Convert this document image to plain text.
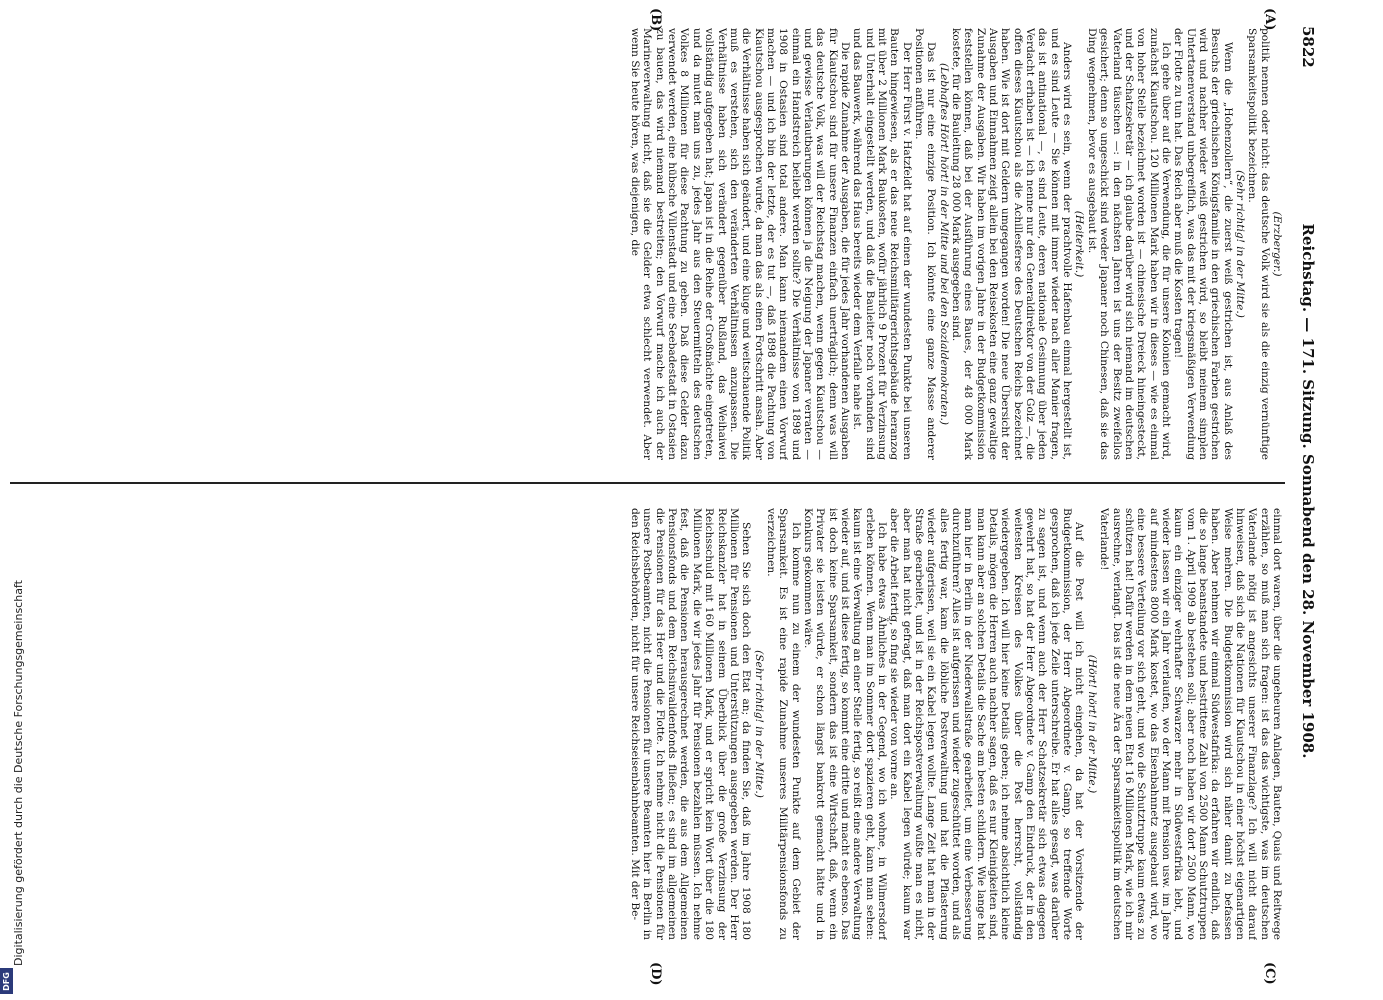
Digitalisierung gefördert durch die Deutsche Forschungsgemeinschaft
DFG
5822
Reichstag. — 171. Sitzung. Sonnabend den 28. November 1908.
(A)
(B)
(C)
(D)

(Erzberger.)

politik nennen oder nicht: das deutsche Volk wird sie als die einzig vernünftige Sparsamkeitspolitik bezeichnen.

(Sehr richtig! in der Mitte.)

Wenn die „Hohenzollern“, die zuerst weiß gestrichen ist, aus Anlaß des Besuchs der griechischen Königsfamilie in den griechischen Farben gestrichen wird und nachher wieder weiß gestrichen wird, so bleibt meinem simplen Untertanenverstand unbegreiflich, was das mit der kriegsmäßigen Verwendung der Flotte zu tun hat. Das Reich aber muß die Kosten tragen!

Ich gehe über auf die Verwendung, die für unsere Kolonien gemacht wird, zunächst Kiautschou. 120 Millionen Mark haben wir in dieses — wie es einmal von hoher Stelle bezeichnet worden ist — chinesische Dreieck hineingesteckt, und der Schatzsekretär — ich glaube darüber wird sich niemand im deutschen Vaterland täuschen —: in den nächsten Jahren ist uns der Besitz zweifellos gesichert; denn so ungeschickt sind weder Japaner noch Chinesen, daß sie das Ding wegnehmen, bevor es ausgebaut ist.

(Heiterkeit.)

Anders wird es sein, wenn der prachtvolle Hafenbau einmal hergestellt ist, und es sind Leute — Sie können mit immer wieder nach aller Manier fragen, das ist antinational —, es sind Leute, deren nationale Gesinnung über jeden Verdacht erhaben ist — ich nenne nur den Generaldirektor von der Golz —, die offen dieses Kiautschou als die Achillesferse des Deutschen Reichs bezeichnet haben. Wie ist dort mit Geldern umgegangen worden! Die neue Übersicht der Ausgaben und Einnahmen zeigt allein bei den Reisekosten eine ganz gewaltige Zunahme der Ausgaben. Wir haben im vorigen Jahre in der Budgetkommission feststellen können, daß bei der Ausführung eines Baues, der 48 000 Mark kostete, für die Bauleitung 28 000 Mark ausgegeben sind.

(Lebhaftes Hört! hört! in der Mitte und bei den Sozialdemokraten.)

Das ist nur eine einzige Position. Ich könnte eine ganze Masse anderer Positionen anführen.

Der Herr Fürst v. Hatzfeldt hat auf einen der wundesten Punkte bei unseren Bauten hingewiesen, als er das neue Reichsmilitärgerichtsgebäude heranzog mit über 2 Millionen Mark Baukosten, wofür jährlich 9 Prozent für Verzinsung und Unterhalt eingestellt werden, und daß die Bauleiter noch vorhanden sind und das Bauwerk, während das Haus bereits wieder dem Verfalle nahe ist.

Die rapide Zunahme der Ausgaben, die für jedes Jahr vorhandenen Ausgaben für Kiautschou sind für unsere Finanzen einfach unerträglich; denn was will das deutsche Volk, was will der Reichstag machen, wenn gegen Kiautschou — und gewisse Verlautbarungen können ja die Neigung der Japaner verraten — einmal ein Handstreich beliebt werden sollte? Die Verhältnisse von 1898 und 1908 in Ostasien sind total andere. Man kann niemandem einen Vorwurf machen — und ich bin der letzte, der es tut —, daß 1898 die Pachtung von Kiautschou ausgesprochen wurde, da man das als einen Fortschritt ansah. Aber die Verhältnisse haben sich geändert, und eine kluge und weitschauende Politik muß es verstehen, sich den veränderten Verhältnissen anzupassen. Die Verhältnisse haben sich verändert gegenüber Rußland, das Weihaiwei vollständig aufgegeben hat; Japan ist in die Reihe der Großmächte eingetreten, und da mutet man uns zu, jedes Jahr aus den Steuermitteln des deutschen Volkes 8 Millionen für diese Pachtung zu geben. Daß diese Gelder dazu verwendet werden, eine hübsche Villenstadt und eine Seebadestadt in Ostasien zu bauen, das wird niemand bestreiten; den Vorwurf mache ich auch der Marineverwaltung nicht, daß sie die Gelder etwa schlecht verwendet. Aber wenn Sie heute hören, was diejenigen, die

einmal dort waren, über die ungeheuren Anlagen, Bauten, Quais und Reitwege erzählen, so muß man sich fragen: ist das das wichtigste, was im deutschen Vaterlande nötig ist angesichts unserer Finanzlage? Ich will nicht darauf hinweisen, daß sich die Nationen für Kiautschou in einer höchst eigenartigen Weise mehren. Die Budgetkommission wird sich näher damit zu befassen haben. Aber nehmen wir einmal Südwestafrika: da erfahren wir endlich, daß die so lange beanstandete und bestrittene Zahl von 2500 Mann Schutztruppen vom 1. April 1909 ab bestehen soll; aber noch haben wir dort 2500 Mann, wo kaum ein einziger wehrhafter Schwarzer mehr in Südwestafrika lebt, und wieder lassen wir ein Jahr verlaufen, wo der Mann mit Pension usw. im Jahre auf mindestens 8000 Mark kostet, wo das Eisenbahnnetz ausgebaut wird, wo eine bessere Verteilung vor sich geht, und wo die Schutztruppe kaum etwas zu schützen hat! Dafür werden in dem neuen Etat 16 Millionen Mark, wie ich mir ausrechne, verlangt. Das ist die neue Ära der Sparsamkeitspolitik im deutschen Vaterlande!

(Hört! hört! in der Mitte.)

Auf die Post will ich nicht eingehen, da hat der Vorsitzende der Budgetkommission, der Herr Abgeordnete v. Gamp, so treffende Worte gesprochen, daß ich jede Zeile unterschreibe. Er hat alles gesagt, was darüber zu sagen ist, und wenn auch der Herr Schatzsekretär sich etwas dagegen gewehrt hat, so hat der Herr Abgeordnete v. Gamp den Eindruck, der in den weitesten Kreisen des Volkes über die Post herrscht, vollständig wiedergegeben. Ich will hier keine Details geben; ich nehme absichtlich kleine Details, mögen die Herren auch nachher sagen, daß es nur Kleinigkeiten sind, man kann aber an solchen Details die Sache am besten schildern. Wie lange hat man hier in Berlin in der Niederwallstraße gearbeitet, um eine Verbesserung durchzuführen? Alles ist aufgerissen und wieder zugeschüttet worden, und als alles fertig war, kam die löbliche Postverwaltung und hat die Pflasterung wieder aufgerissen, weil sie ein Kabel legen wollte. Lange Zeit hat man in der Straße gearbeitet, und ist in der Reichspostverwaltung wußte man es nicht, aber man hat nicht gefragt, daß man dort ein Kabel legen würde; kaum war aber die Arbeit fertig, so fing sie wieder von vorne an.

Ich habe etwas Ähnliches in der Gegend, wo ich wohne, in Wilmersdorf erleben können. Wenn man im Sommer dort spazieren geht, kann man sehen: kaum ist eine Verwaltung an einer Stelle fertig, so reißt eine andere Verwaltung wieder auf, und ist diese fertig, so kommt eine dritte und macht es ebenso. Das ist doch keine Sparsamkeit, sondern das ist eine Wirtschaft, daß, wenn ein Privater sie leisten würde, er schon längst bankrott gemacht hätte und in Konkurs gekommen wäre.

Ich komme nun zu einem der wundesten Punkte auf dem Gebiet der Sparsamkeit. Es ist eine rapide Zunahme unseres Militärpensionsfonds zu verzeichnen.

(Sehr richtig! in der Mitte.)

Sehen Sie sich doch den Etat an; da finden Sie, daß im Jahre 1908 180 Millionen für Pensionen und Unterstützungen ausgegeben werden. Der Herr Reichskanzler hat in seinem Überblick über die große Verzinsung der Reichsschuld mit 160 Millionen Mark, und er spricht kein Wort über die 180 Millionen Mark, die wir jedes Jahr für Pensionen bezahlen müssen. Ich nehme fest, daß die Pensionen herausgerechnet werden, die aus dem Allgemeinen Pensionsfonds und dem Reichsinvalidenfonds fließen; es sind im allgemeinen die Pensionen für das Heer und die Flotte. Ich nehme nicht die Pensionen für unsere Postbeamten, nicht die Pensionen für unsere Beamten hier in Berlin in den Reichsbehörden, nicht für unsere Reichseisenbahnbeamten. Mit der Be-
